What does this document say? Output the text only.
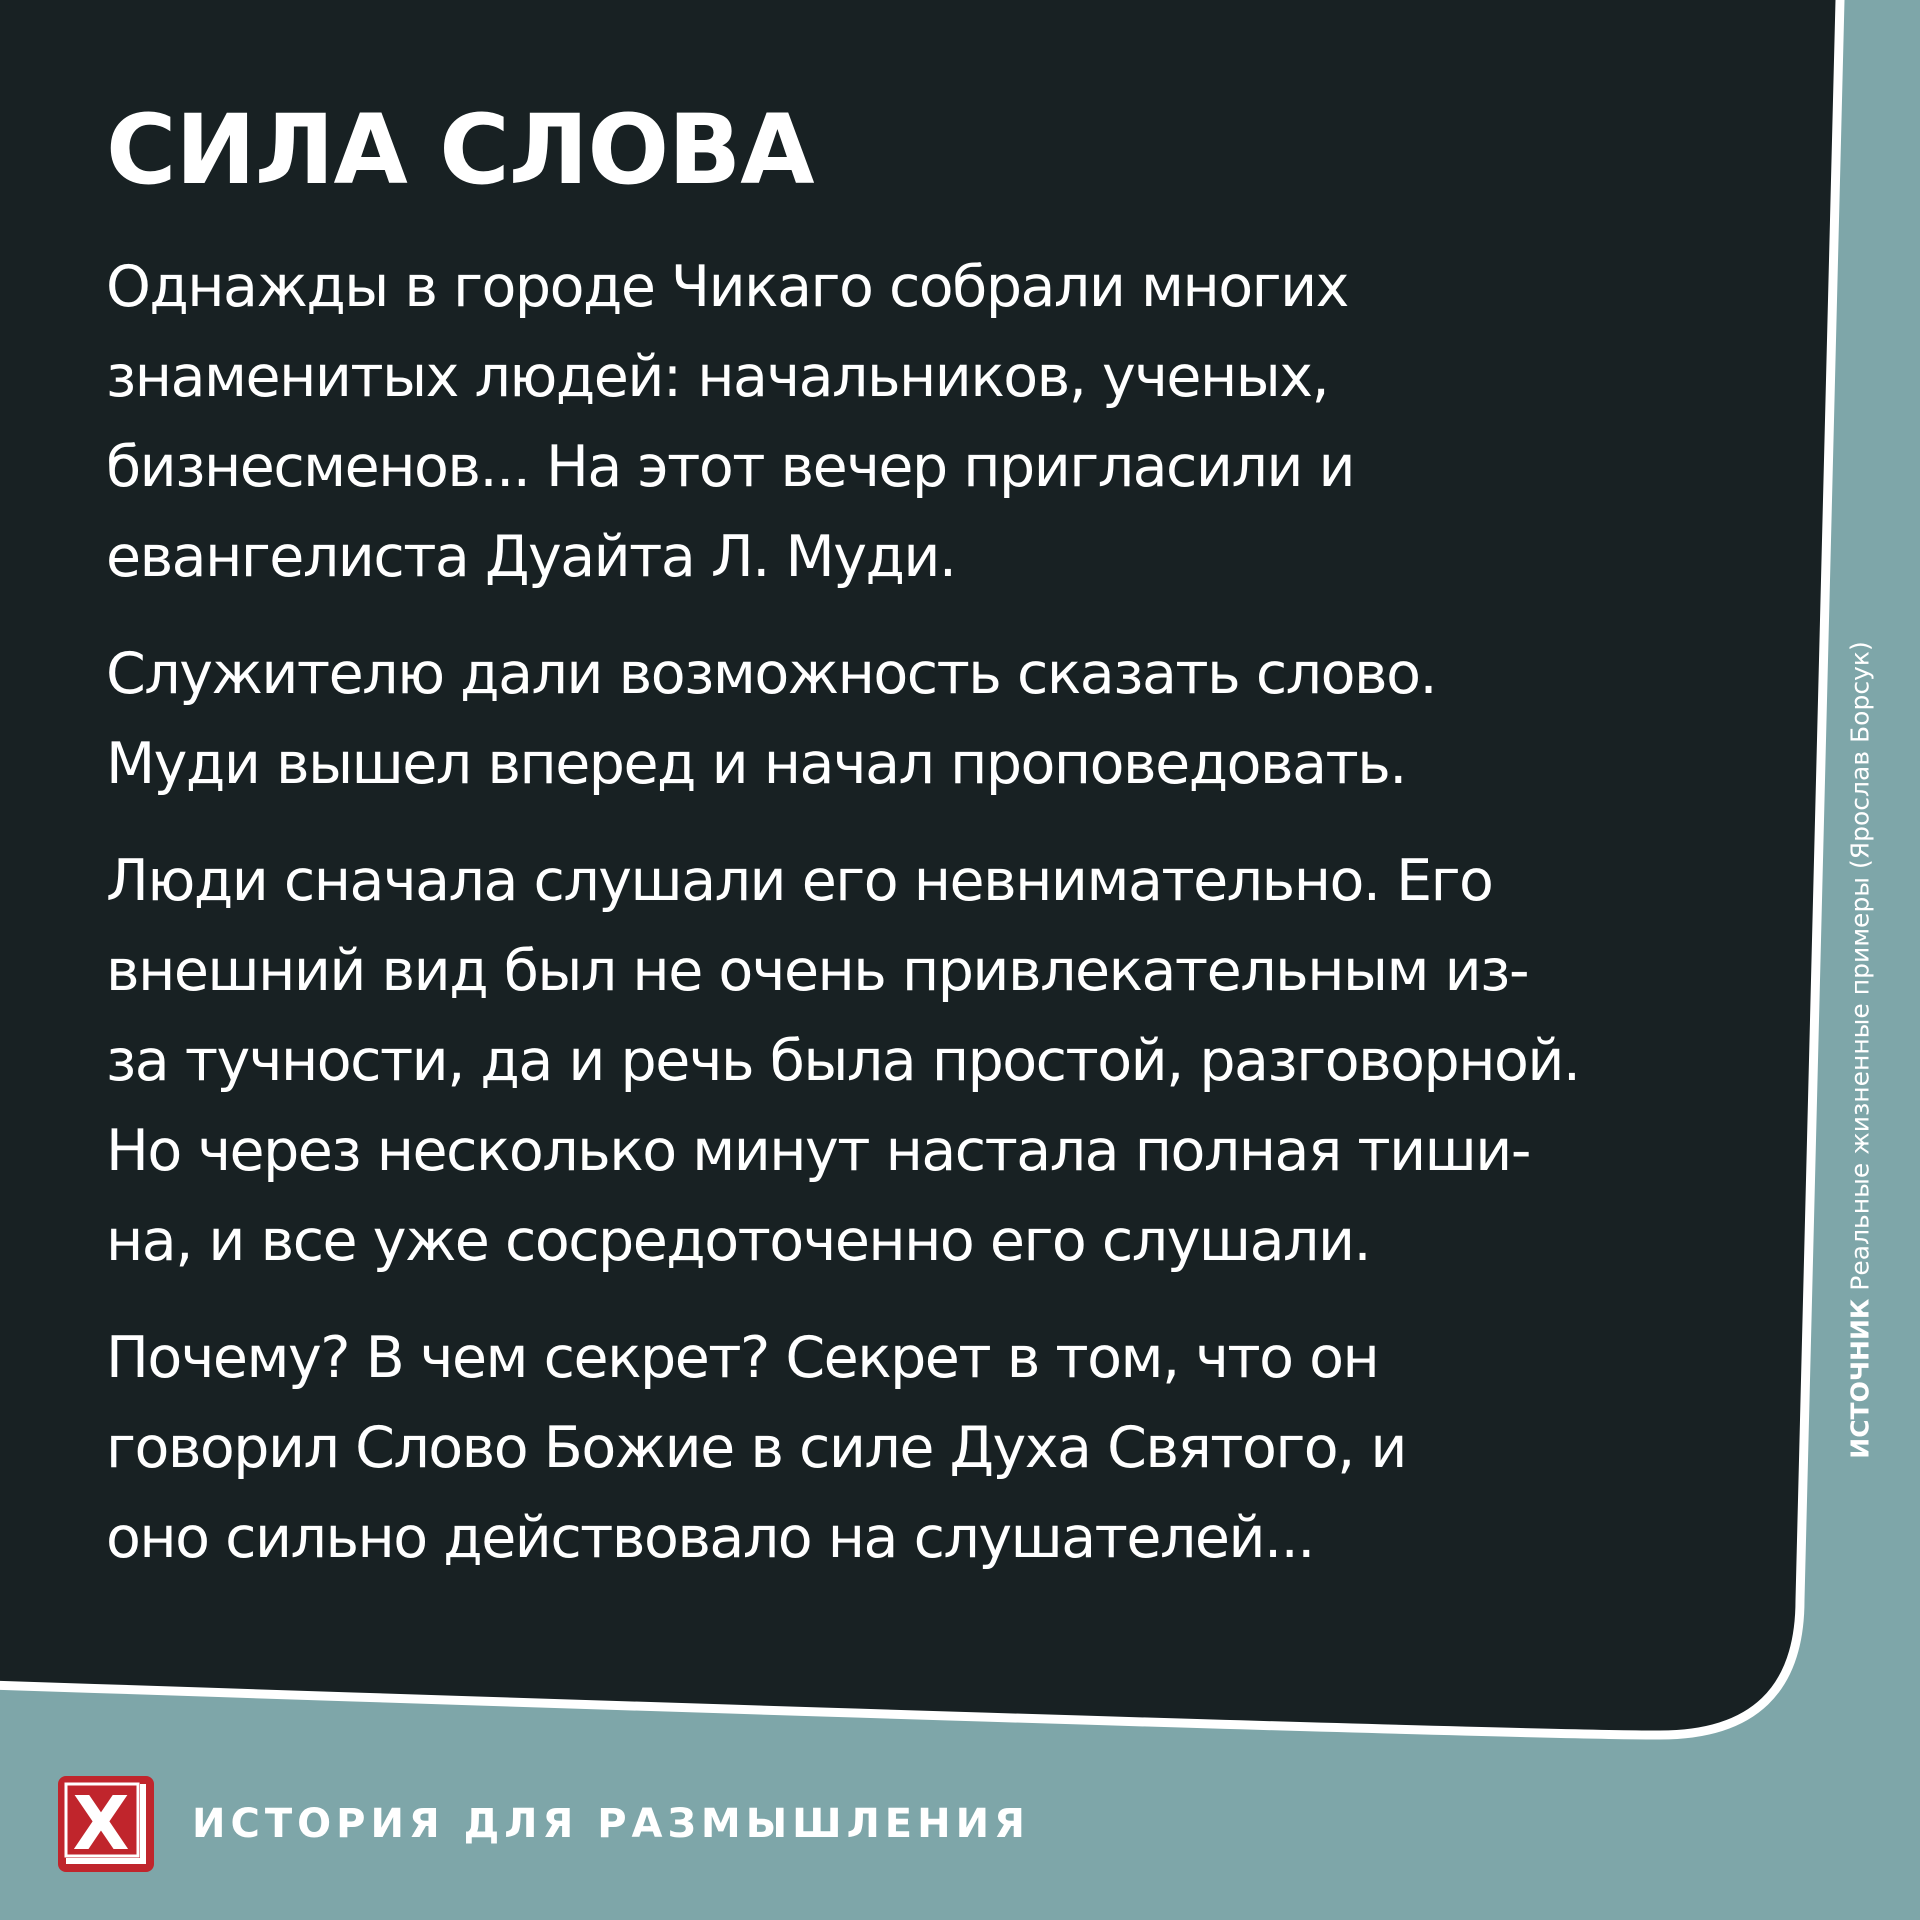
СИЛА СЛОВА

Однажды в городе Чикаго собрали многих
знаменитых людей: начальников, ученых,
бизнесменов... На этот вечер пригласили и
евангелиста Дуайта Л. Муди.

Служителю дали возможность сказать слово.
Муди вышел вперед и начал проповедовать.

Люди сначала слушали его невнимательно. Его
внешний вид был не очень привлекательным из-
за тучности, да и речь была простой, разговорной.
Но через несколько минут настала полная тиши-
на, и все уже сосредоточенно его слушали.

Почему? В чем секрет? Секрет в том, что он
говорил Слово Божие в силе Духа Святого, и
оно сильно действовало на слушателей...

ИСТОЧНИК Реальные жизненные примеры (Ярослав Борсук)
X	ИСТОРИЯ ДЛЯ РАЗМЫШЛЕНИЯ
